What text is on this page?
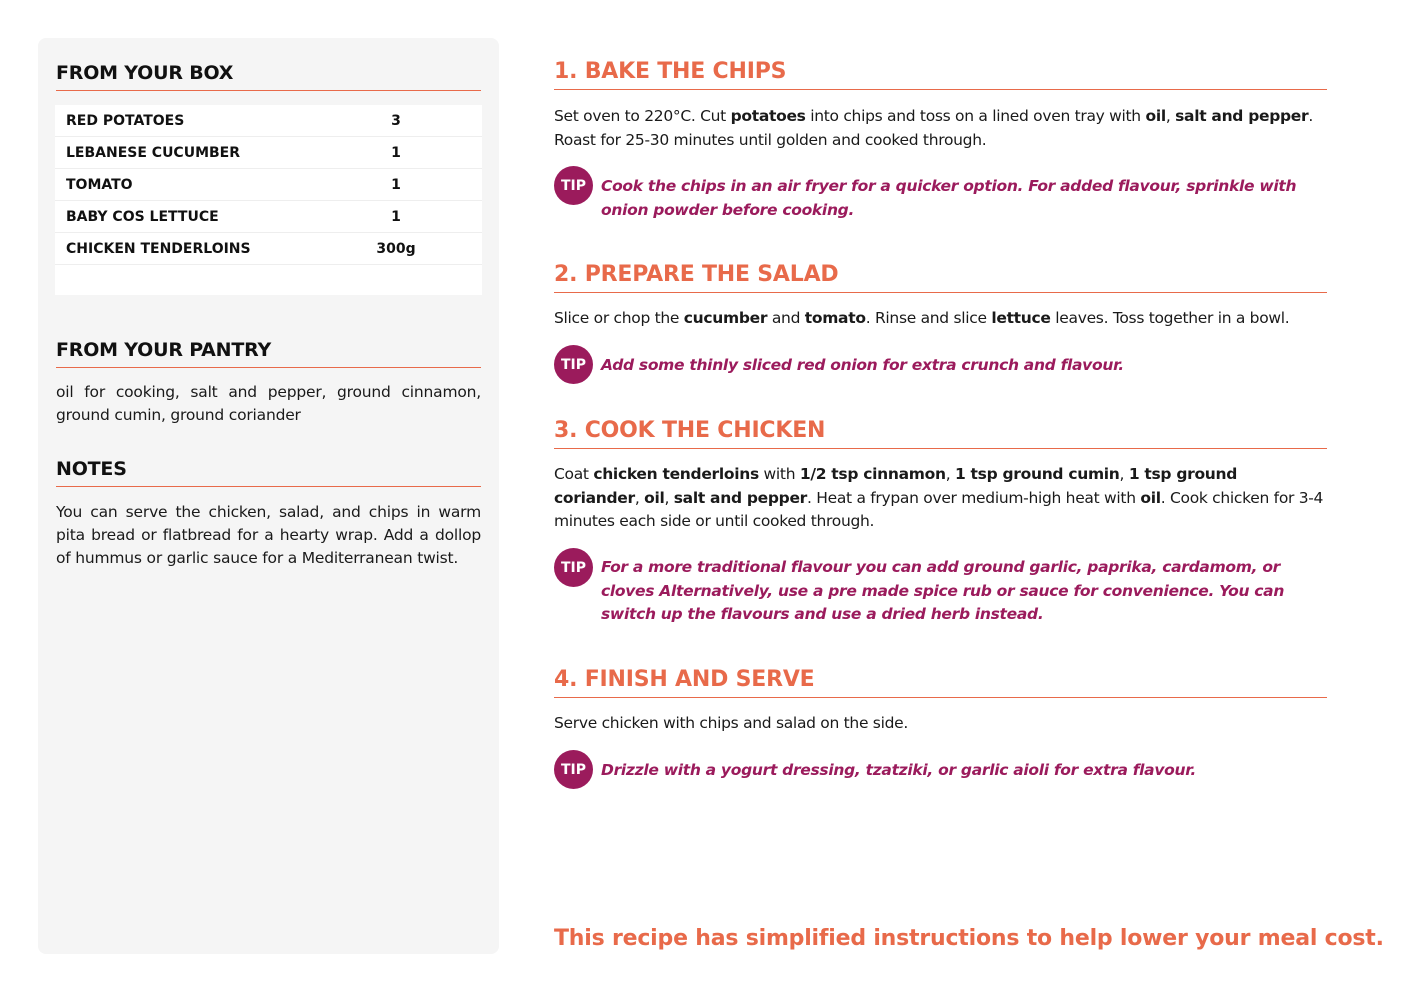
FROM YOUR BOX
RED POTATOES	3
LEBANESE CUCUMBER	1
TOMATO	1
BABY COS LETTUCE	1
CHICKEN TENDERLOINS	300g
FROM YOUR PANTRY
oil for cooking, salt and pepper, ground cinnamon, ground cumin, ground coriander
NOTES
You can serve the chicken, salad, and chips in warm pita bread or flatbread for a hearty wrap. Add a dollop of hummus or garlic sauce for a Mediterranean twist.
1. BAKE THE CHIPS
Set oven to 220°C. Cut potatoes into chips and toss on a lined oven tray with oil, salt and pepper. Roast for 25-30 minutes until golden and cooked through.
TIP Cook the chips in an air fryer for a quicker option. For added flavour, sprinkle with onion powder before cooking.
2. PREPARE THE SALAD
Slice or chop the cucumber and tomato. Rinse and slice lettuce leaves. Toss together in a bowl.
TIP Add some thinly sliced red onion for extra crunch and flavour.
3. COOK THE CHICKEN
Coat chicken tenderloins with 1/2 tsp cinnamon, 1 tsp ground cumin, 1 tsp ground coriander, oil, salt and pepper. Heat a frypan over medium-high heat with oil. Cook chicken for 3-4 minutes each side or until cooked through.
TIP For a more traditional flavour you can add ground garlic, paprika, cardamom, or cloves Alternatively, use a pre made spice rub or sauce for convenience. You can switch up the flavours and use a dried herb instead.
4. FINISH AND SERVE
Serve chicken with chips and salad on the side.
TIP Drizzle with a yogurt dressing, tzatziki, or garlic aioli for extra flavour.
This recipe has simplified instructions to help lower your meal cost.
